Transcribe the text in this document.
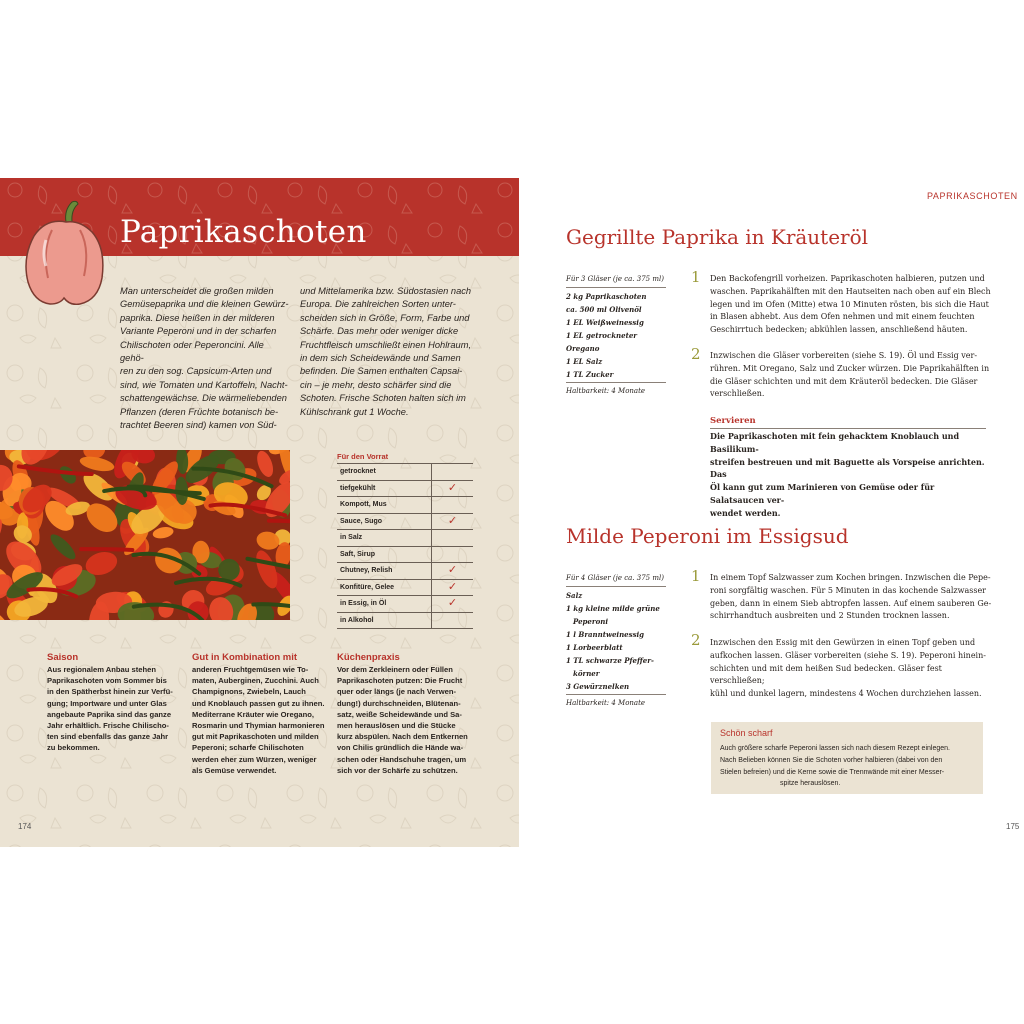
Paprikaschoten

Man unterscheidet die großen milden

Gemüsepaprika und die kleinen Gewürz-

paprika. Diese heißen in der milderen

Variante Peperoni und in der scharfen

Chilischoten oder Peperoncini. Alle gehö-

ren zu den sog. Capsicum-Arten und

sind, wie Tomaten und Kartoffeln, Nacht-

schattengewächse. Die wärmeliebenden

Pflanzen (deren Früchte botanisch be-

trachtet Beeren sind) kamen von Süd-

und Mittelamerika bzw. Südostasien nach

Europa. Die zahlreichen Sorten unter-

scheiden sich in Größe, Form, Farbe und

Schärfe. Das mehr oder weniger dicke

Fruchtfleisch umschließt einen Hohlraum,

in dem sich Scheidewände und Samen

befinden. Die Samen enthalten Capsai-

cin – je mehr, desto schärfer sind die

Schoten. Frische Schoten halten sich im

Kühlschrank gut 1 Woche.

Für den Vorrat
getrocknet
tiefgekühlt	✓
Kompott, Mus
Sauce, Sugo	✓
in Salz
Saft, Sirup
Chutney, Relish	✓
Konfitüre, Gelee	✓
in Essig, in Öl	✓
in Alkohol
Saison
Aus regionalem Anbau stehen
Paprikaschoten vom Sommer bis
in den Spätherbst hinein zur Verfü-
gung; Importware und unter Glas
angebaute Paprika sind das ganze
Jahr erhältlich. Frische Chilischo-
ten sind ebenfalls das ganze Jahr
zu bekommen.
Gut in Kombination mit
anderen Fruchtgemüsen wie To-
maten, Auberginen, Zucchini. Auch
Champignons, Zwiebeln, Lauch
und Knoblauch passen gut zu ihnen.
Mediterrane Kräuter wie Oregano,
Rosmarin und Thymian harmonieren
gut mit Paprikaschoten und milden
Peperoni; scharfe Chilischoten
werden eher zum Würzen, weniger
als Gemüse verwendet.
Küchenpraxis
Vor dem Zerkleinern oder Füllen
Paprikaschoten putzen: Die Frucht
quer oder längs (je nach Verwen-
dung!) durchschneiden, Blütenan-
satz, weiße Scheidewände und Sa-
men herauslösen und die Stücke
kurz abspülen. Nach dem Entkernen
von Chilis gründlich die Hände wa-
schen oder Handschuhe tragen, um
sich vor der Schärfe zu schützen.
174
PAPRIKASCHOTEN
Gegrillte Paprika in Kräuteröl
Für 3 Gläser (je ca. 375 ml)
2 kg Paprikaschoten
ca. 500 ml Olivenöl
1 EL Weißweinessig
1 EL getrockneter Oregano
1 EL Salz
1 TL Zucker
Haltbarkeit: 4 Monate
1 Den Backofengrill vorheizen. Paprikaschoten halbieren, putzen und
waschen. Paprikahälften mit den Hautseiten nach oben auf ein Blech
legen und im Ofen (Mitte) etwa 10 Minuten rösten, bis sich die Haut
in Blasen abhebt. Aus dem Ofen nehmen und mit einem feuchten
Geschirrtuch bedecken; abkühlen lassen, anschließend häuten.
2 Inzwischen die Gläser vorbereiten (siehe S. 19). Öl und Essig ver-
rühren. Mit Oregano, Salz und Zucker würzen. Die Paprikahälften in
die Gläser schichten und mit dem Kräuteröl bedecken. Die Gläser
verschließen.
Servieren
Die Paprikaschoten mit fein gehacktem Knoblauch und Basilikum-
streifen bestreuen und mit Baguette als Vorspeise anrichten. Das
Öl kann gut zum Marinieren von Gemüse oder für Salatsaucen ver-
wendet werden.
Milde Peperoni im Essigsud
Für 4 Gläser (je ca. 375 ml)
Salz
1 kg kleine milde grüne
Peperoni
1 l Branntweinessig
1 Lorbeerblatt
1 TL schwarze Pfeffer-
körner
3 Gewürznelken
Haltbarkeit: 4 Monate
1 In einem Topf Salzwasser zum Kochen bringen. Inzwischen die Pepe-
roni sorgfältig waschen. Für 5 Minuten in das kochende Salzwasser
geben, dann in einem Sieb abtropfen lassen. Auf einem sauberen Ge-
schirrhandtuch ausbreiten und 2 Stunden trocknen lassen.
2 Inzwischen den Essig mit den Gewürzen in einen Topf geben und
aufkochen lassen. Gläser vorbereiten (siehe S. 19). Peperoni hinein-
schichten und mit dem heißen Sud bedecken. Gläser fest verschließen;
kühl und dunkel lagern, mindestens 4 Wochen durchziehen lassen.
Schön scharf
Auch größere scharfe Peperoni lassen sich nach diesem Rezept einlegen.
Nach Belieben können Sie die Schoten vorher halbieren (dabei von den
Stielen befreien) und die Kerne sowie die Trennwände mit einer Messer-
spitze herauslösen.
175
